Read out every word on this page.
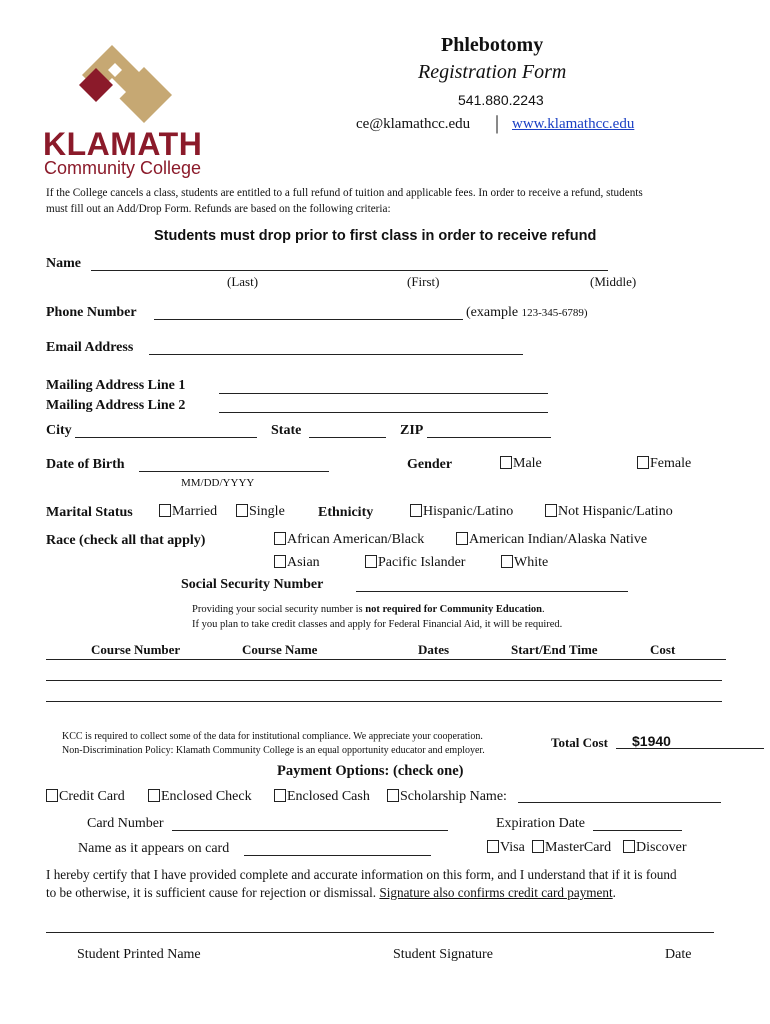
KLAMATH
Community College
Phlebotomy
Registration Form
541.880.2243
ce@klamathcc.edu | www.klamathcc.edu
If the College cancels a class, students are entitled to a full refund of tuition and applicable fees. In order to receive a refund, students
must fill out an Add/Drop Form. Refunds are based on the following criteria:
Students must drop prior to first class in order to receive refund
Name
(Last)	(First)	(Middle)
Phone Number	(example 123-345-6789)
Email Address
Mailing Address Line 1
Mailing Address Line 2
City	State	ZIP
Date of Birth
MM/DD/YYYY
Gender	Male	Female
Marital Status	Married	Single Ethnicity	Hispanic/Latino	Not Hispanic/Latino
Race (check all that apply)	African American/Black	American Indian/Alaska Native
Asian	Pacific Islander	White
Social Security Number
Providing your social security number is not required for Community Education.
If you plan to take credit classes and apply for Federal Financial Aid, it will be required.
Course Number	Course Name	Dates	Start/End Time	Cost
KCC is required to collect some of the data for institutional compliance. We appreciate your cooperation.
Non-Discrimination Policy: Klamath Community College is an equal opportunity educator and employer.
Total Cost $1940
Payment Options: (check one)
Credit Card	Enclosed Check	Enclosed Cash	Scholarship Name:
Card Number	Expiration Date
Name as it appears on card	Visa	MasterCard	Discover
I hereby certify that I have provided complete and accurate information on this form, and I understand that if it is found
to be otherwise, it is sufficient cause for rejection or dismissal. Signature also confirms credit card payment.
Student Printed Name	Student Signature	Date
